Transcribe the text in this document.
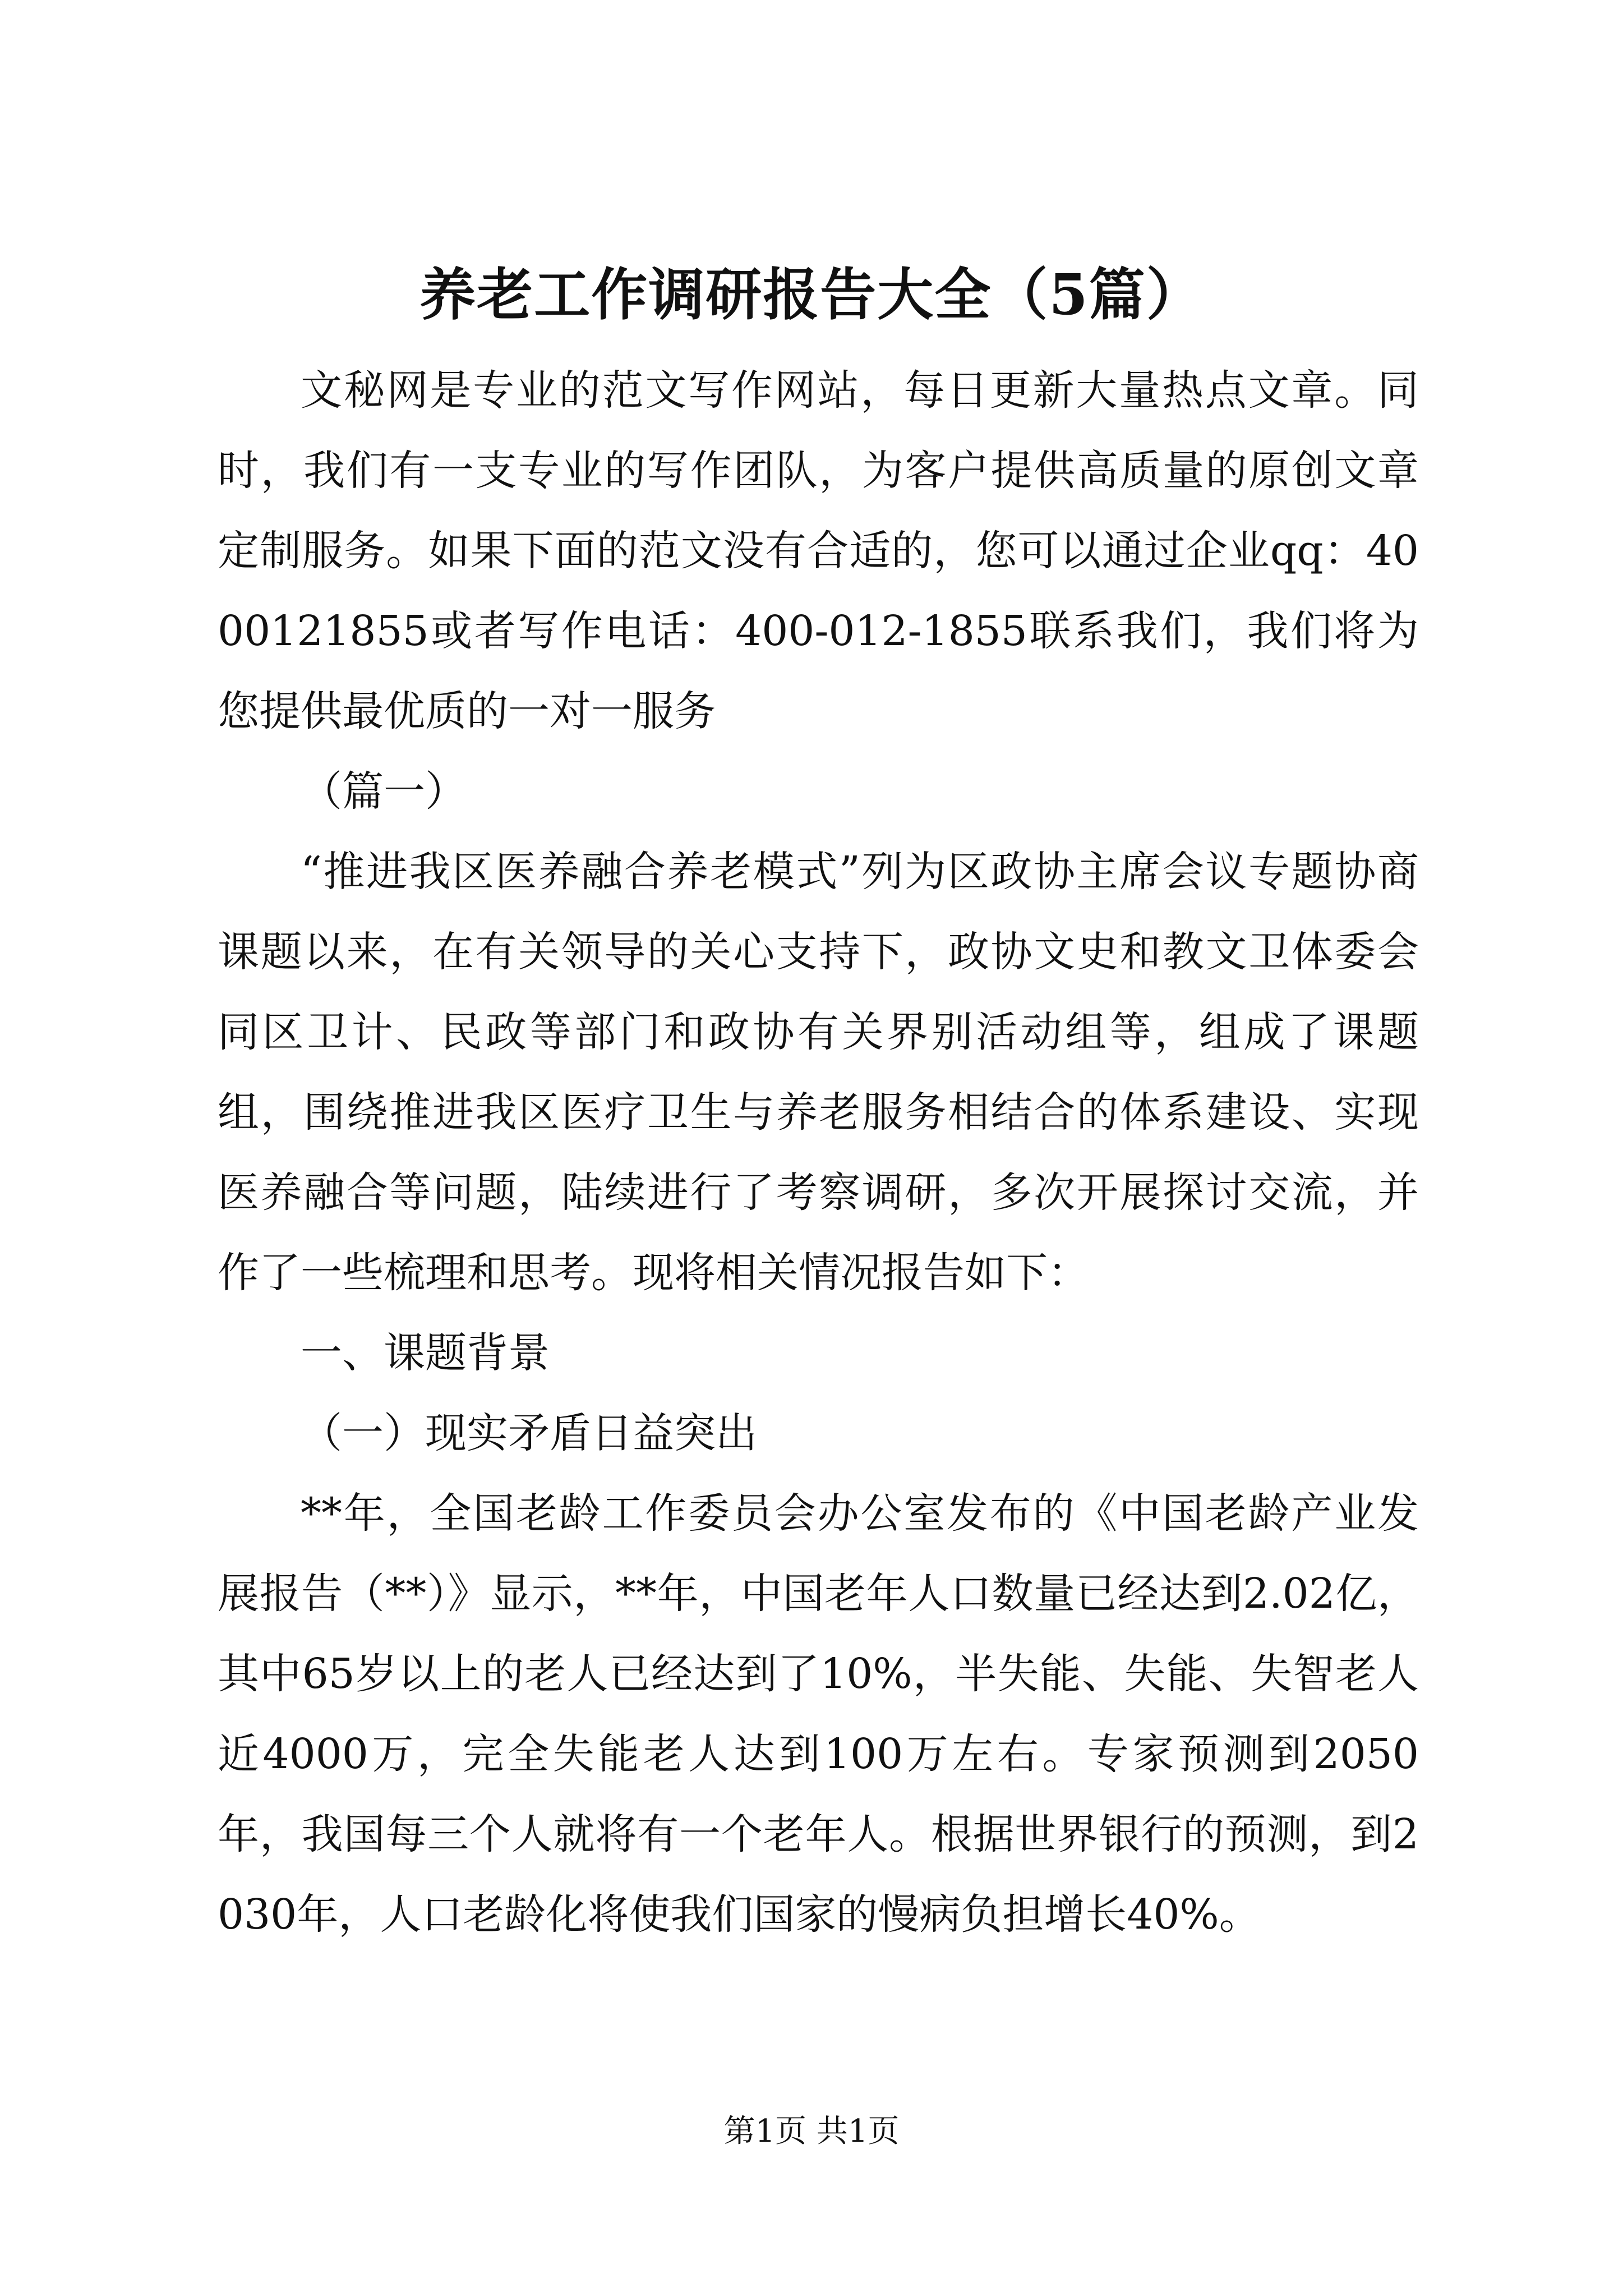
养老工作调研报告大全（5篇）

文秘网是专业的范文写作网站，每日更新大量热点文章。同时，我们有一支专业的写作团队，为客户提供高质量的原创文章定制服务。如果下面的范文没有合适的，您可以通过企业qq：4000121855或者写作电话：400-012-1855联系我们，我们将为您提供最优质的一对一服务

（篇一）

“推进我区医养融合养老模式”列为区政协主席会议专题协商课题以来，在有关领导的关心支持下，政协文史和教文卫体委会同区卫计、民政等部门和政协有关界别活动组等，组成了课题组，围绕推进我区医疗卫生与养老服务相结合的体系建设、实现医养融合等问题，陆续进行了考察调研，多次开展探讨交流，并作了一些梳理和思考。现将相关情况报告如下：

一、课题背景

（一）现实矛盾日益突出

**年，全国老龄工作委员会办公室发布的《中国老龄产业发展报告（**）》显示，**年，中国老年人口数量已经达到2.02亿，其中65岁以上的老人已经达到了10%，半失能、失能、失智老人近4000万，完全失能老人达到100万左右。专家预测到2050年，我国每三个人就将有一个老年人。根据世界银行的预测，到2030年，人口老龄化将使我们国家的慢病负担增长40%。

第1页 共1页
